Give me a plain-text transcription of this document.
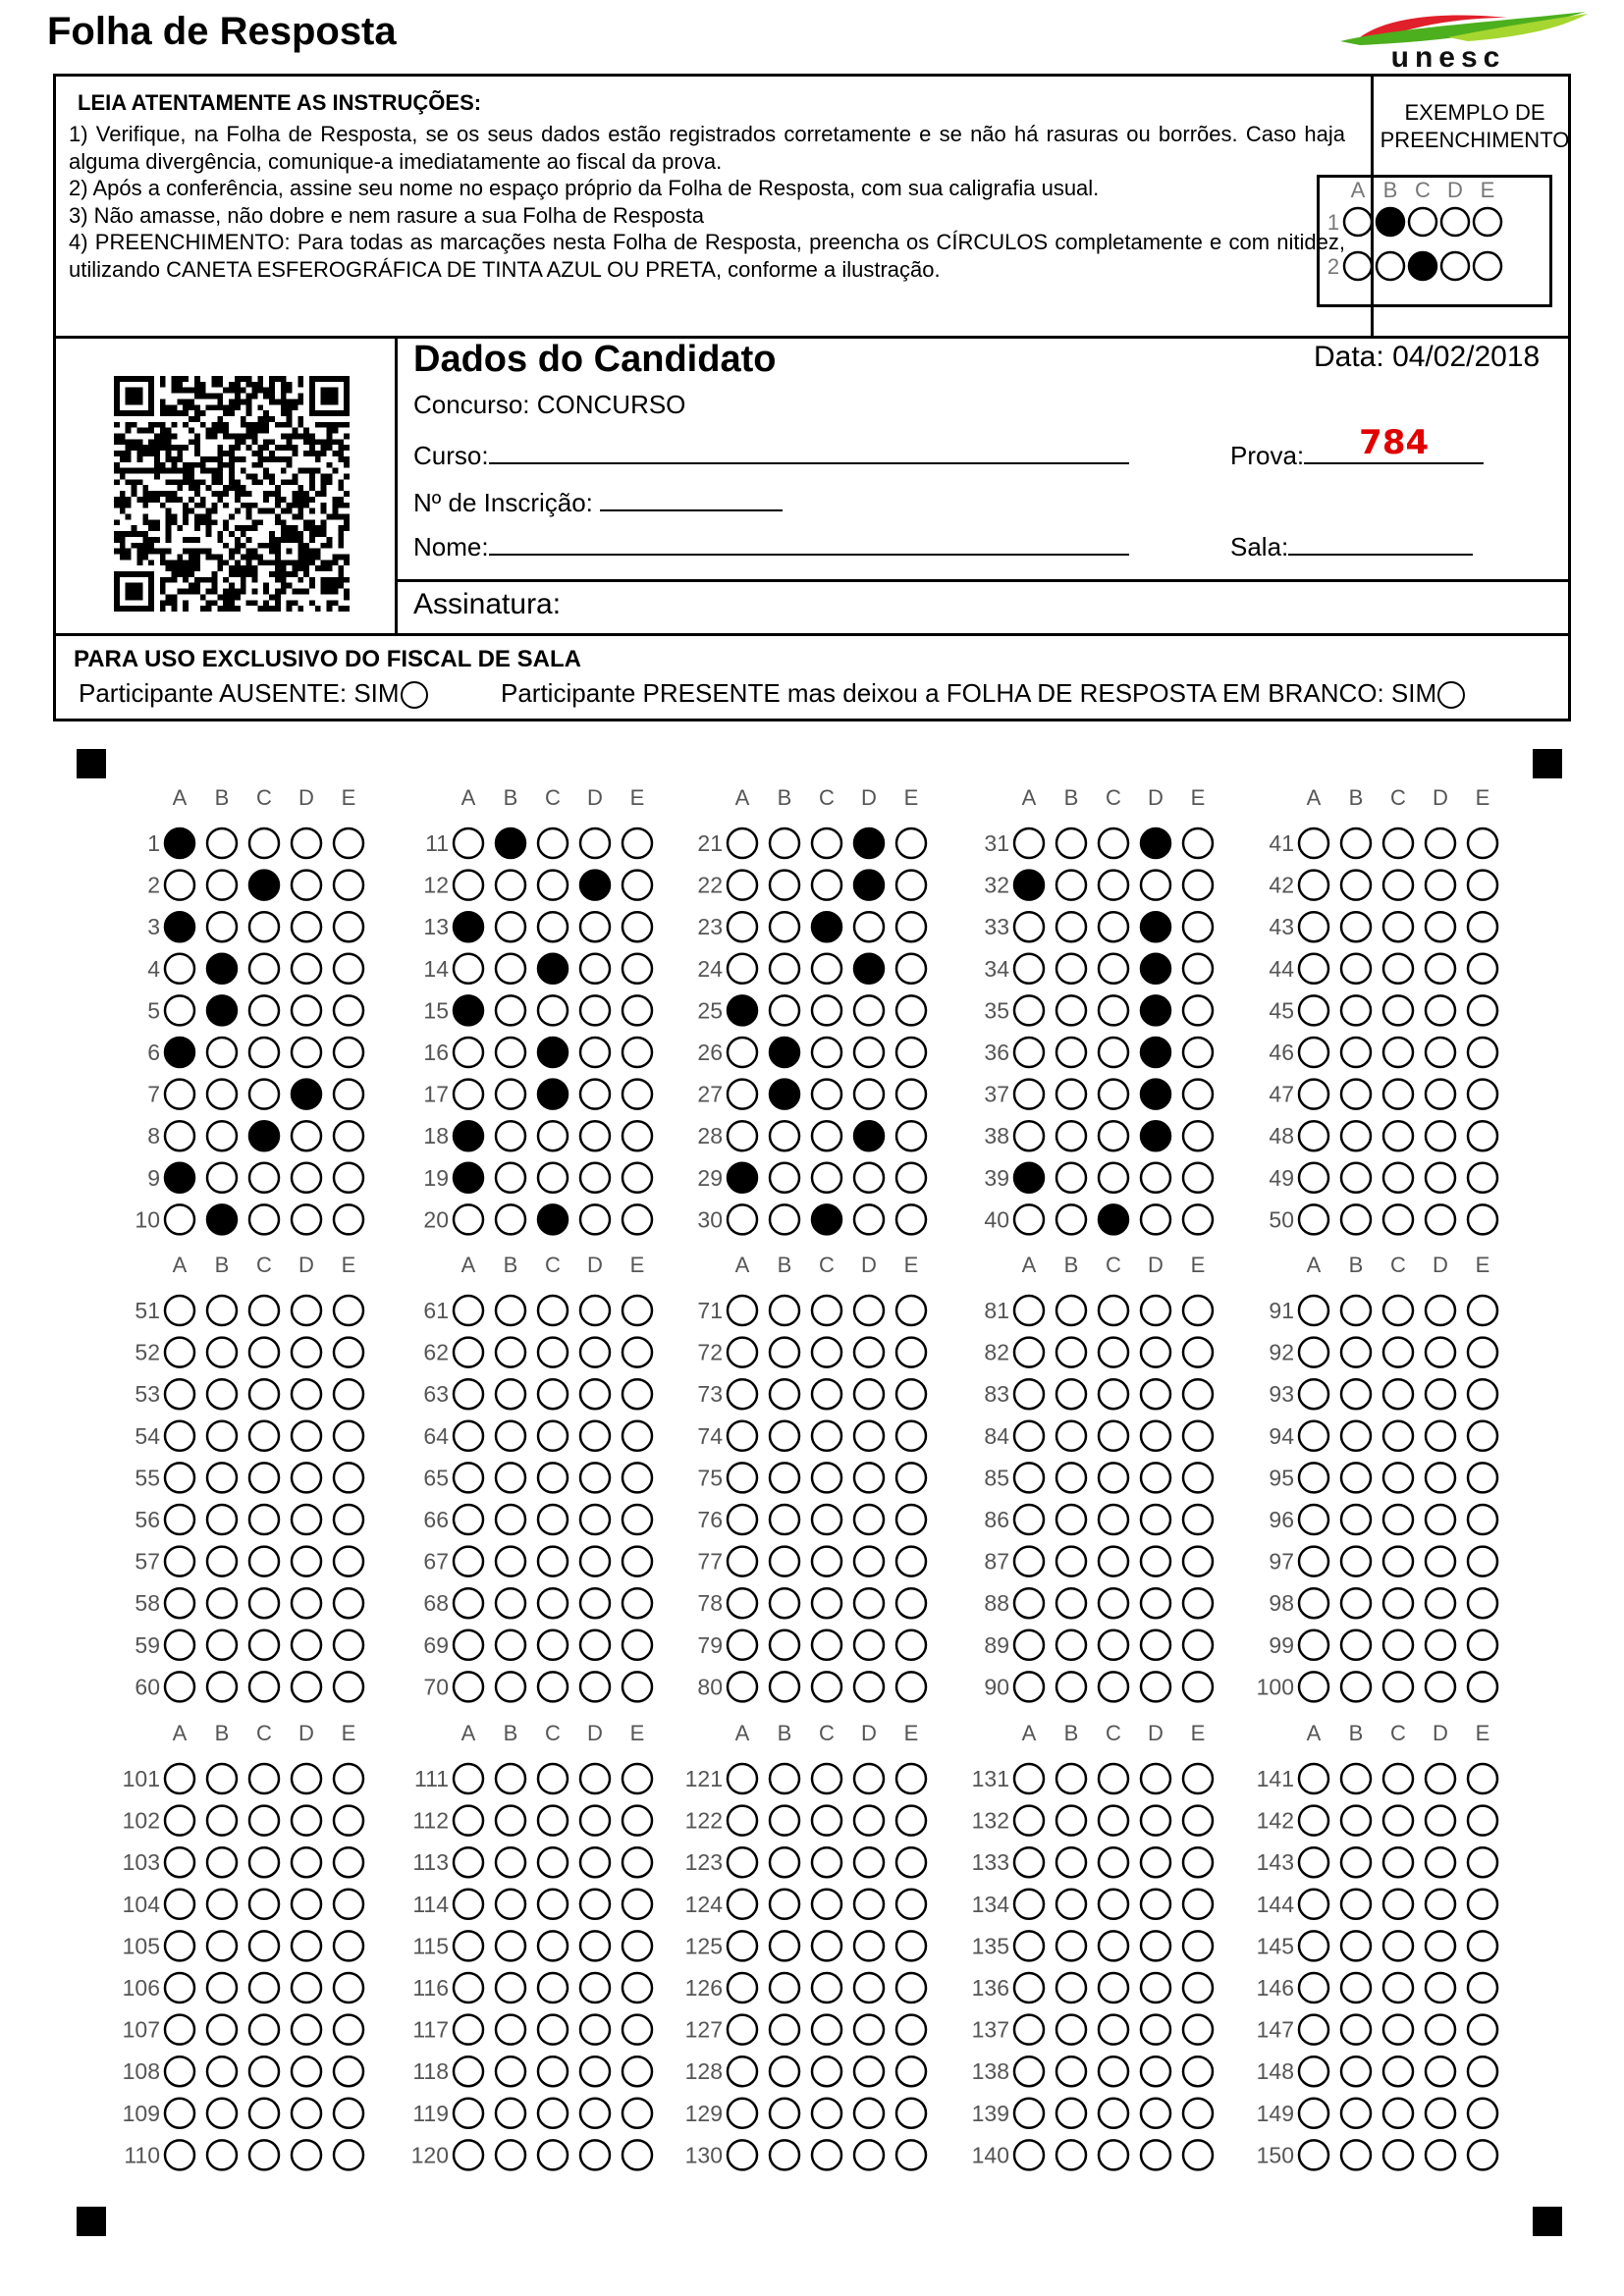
Folha de Resposta
unesc
LEIA ATENTAMENTE AS INSTRUÇÕES:

1) Verifique, na Folha de Resposta, se os seus dados estão registrados corretamente e se não há rasuras ou borrões. Caso haja alguma divergência, comunique-a imediatamente ao fiscal da prova.

2) Após a conferência, assine seu nome no espaço próprio da Folha de Resposta, com sua caligrafia usual.

3) Não amasse, não dobre e nem rasure a sua Folha de Resposta

4) PREENCHIMENTO: Para todas as marcações nesta Folha de Resposta, preencha os CÍRCULOS completamente e com nitidez, utilizando CANETA ESFEROGRÁFICA DE TINTA AZUL OU PRETA, conforme a ilustração.

EXEMPLO DE
PREENCHIMENTO
A B C D E
1
2
Dados do Candidato	Data: 04/02/2018
Concurso: CONCURSO
Curso:	Prova:	784
Nº de Inscrição:
Nome:	Sala:
Assinatura:
PARA USO EXCLUSIVO DO FISCAL DE SALA
Participante AUSENTE: SIM	Participante PRESENTE mas deixou a FOLHA DE RESPOSTA EM BRANCO: SIM
A B C D E
1
2
3
4
5
6
7
8
9
10
A B C D E
11
12
13
14
15
16
17
18
19
20
A B C D E
21
22
23
24
25
26
27
28
29
30
A B C D E
31
32
33
34
35
36
37
38
39
40
A B C D E
41
42
43
44
45
46
47
48
49
50
A B C D E
51
52
53
54
55
56
57
58
59
60
A B C D E
61
62
63
64
65
66
67
68
69
70
A B C D E
71
72
73
74
75
76
77
78
79
80
A B C D E
81
82
83
84
85
86
87
88
89
90
A B C D E
91
92
93
94
95
96
97
98
99
100
A B C D E
101
102
103
104
105
106
107
108
109
110
A B C D E
111
112
113
114
115
116
117
118
119
120
A B C D E
121
122
123
124
125
126
127
128
129
130
A B C D E
131
132
133
134
135
136
137
138
139
140
A B C D E
141
142
143
144
145
146
147
148
149
150
